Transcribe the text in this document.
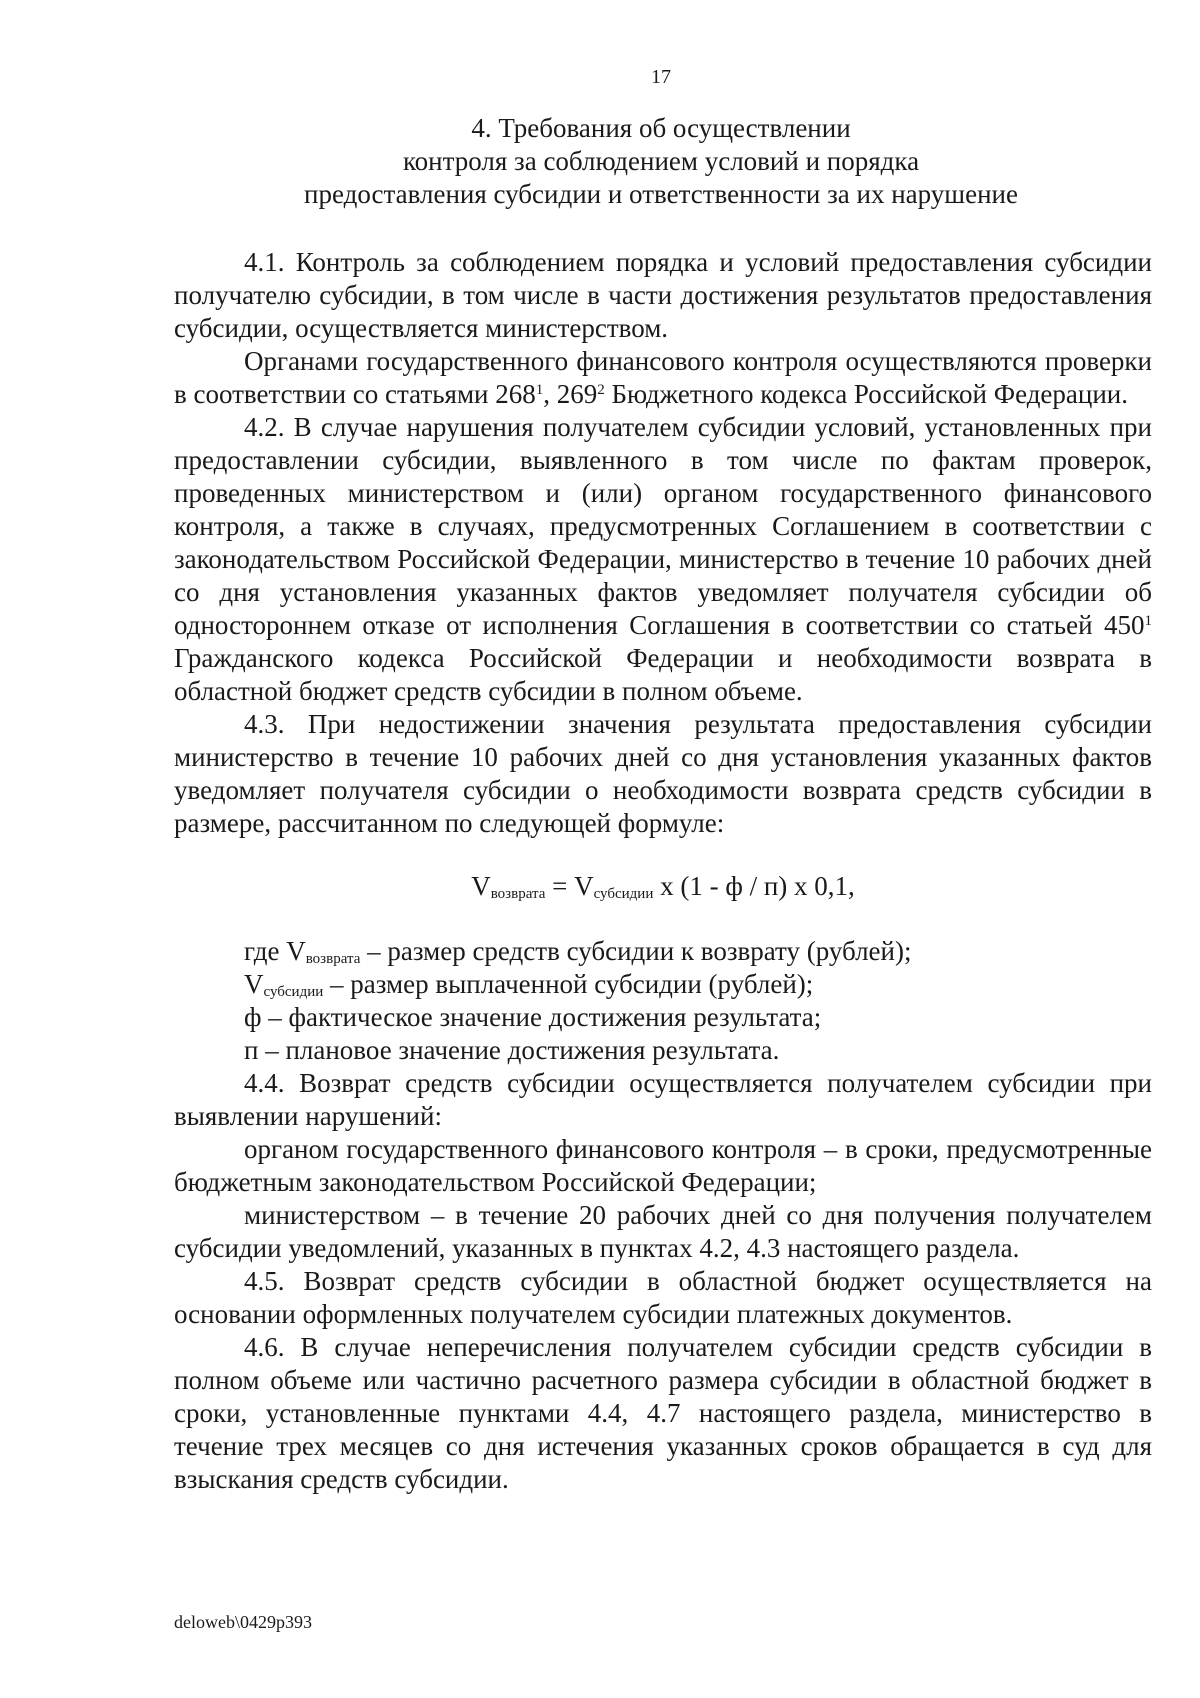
17
4. Требования об осуществлении
контроля за соблюдением условий и порядка
предоставления субсидии и ответственности за их нарушение

4.1. Контроль за соблюдением порядка и условий предоставления субсидии получателю субсидии, в том числе в части достижения результатов предоставления субсидии, осуществляется министерством.

Органами государственного финансового контроля осуществляются проверки в соответствии со статьями $268^1$, $269^2$ Бюджетного кодекса Российской Федерации.

4.2. В случае нарушения получателем субсидии условий, установленных при предоставлении субсидии, выявленного в том числе по фактам проверок, проведенных министерством и (или) органом государственного финансового контроля, а также в случаях, предусмотренных Соглашением в соответствии с законодательством Российской Федерации, министерство в течение 10 рабочих дней со дня установления указанных фактов уведомляет получателя субсидии об одностороннем отказе от исполнения Соглашения в соответствии со статьей $450^1$ Гражданского кодекса Российской Федерации и необходимости возврата в областной бюджет средств субсидии в полном объеме.

4.3. При недостижении значения результата предоставления субсидии министерство в течение 10 рабочих дней со дня установления указанных фактов уведомляет получателя субсидии о необходимости возврата средств субсидии в размере, рассчитанном по следующей формуле:

$V_{возврата} = V_{субсидии}$ x (1 - ф / п) x 0,1,

где $V_{возврата}$ – размер средств субсидии к возврату (рублей);

$V_{субсидии}$ – размер выплаченной субсидии (рублей);

ф – фактическое значение достижения результата;

п – плановое значение достижения результата.

4.4. Возврат средств субсидии осуществляется получателем субсидии при выявлении нарушений:

органом государственного финансового контроля – в сроки, предусмотренные бюджетным законодательством Российской Федерации;

министерством – в течение 20 рабочих дней со дня получения получателем субсидии уведомлений, указанных в пунктах 4.2, 4.3 настоящего раздела.

4.5. Возврат средств субсидии в областной бюджет осуществляется на основании оформленных получателем субсидии платежных документов.

4.6. В случае неперечисления получателем субсидии средств субсидии в полном объеме или частично расчетного размера субсидии в областной бюджет в сроки, установленные пунктами 4.4, 4.7 настоящего раздела, министерство в течение трех месяцев со дня истечения указанных сроков обращается в суд для взыскания средств субсидии.

deloweb\0429p393
